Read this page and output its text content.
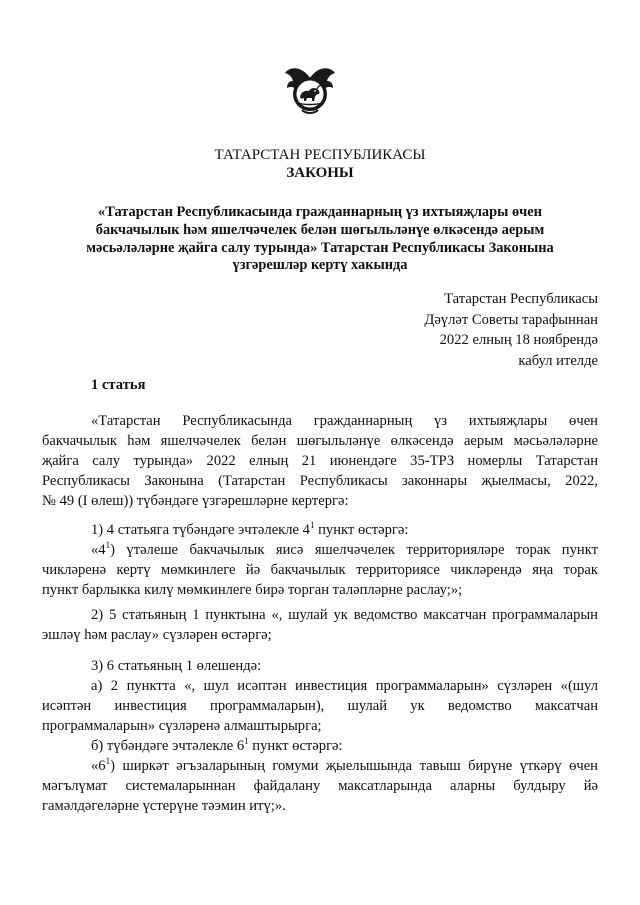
ТАТАРСТАН РЕСПУБЛИКАСЫ
ЗАКОНЫ
«Татарстан Республикасында гражданнарның үз ихтыяҗлары өчен
бакчачылык һәм яшелчәчелек белән шөгыльләнүе өлкәсендә аерым
мәсьәләләрне җайга салу турында» Татарстан Республикасы Законына
үзгәрешләр кертү хакында
Татарстан Республикасы
Дәүләт Советы тарафыннан
2022 елның 18 ноябрендә
кабул ителде
1 статья
«Татарстан Республикасында гражданнарның үз ихтыяҗлары өчен
бакчачылык һәм яшелчәчелек белән шөгыльләнүе өлкәсендә аерым мәсьәләләрне
җайга салу турында» 2022 елның 21 июнендәге 35-ТРЗ номерлы Татарстан
Республикасы Законына (Татарстан Республикасы законнары җыелмасы, 2022,
№ 49 (I өлеш)) түбәндәге үзгәрешләрне кертергә:
1) 4 статьяга түбәндәге эчтәлекле $4^1$ пункт өстәргә:
«$4^1$) үтәлеше бакчачылык яисә яшелчәчелек территорияләре торак пункт
чикләренә кертү мөмкинлеге йә бакчачылык территориясе чикләрендә яңа торак
пункт барлыкка килү мөмкинлеге бирә торган таләпләрне раслау;»;
2) 5 статьяның 1 пунктына «, шулай ук ведомство максатчан программаларын
эшләү һәм раслау» сүзләрен өстәргә;
3) 6 статьяның 1 өлешендә:
а) 2 пунктта «, шул исәптән инвестиция программаларын» сүзләрен «(шул
исәптән инвестиция программаларын), шулай ук ведомство максатчан
программаларын» сүзләренә алмаштырырга;
б) түбәндәге эчтәлекле $6^1$ пункт өстәргә:
«$6^1$) ширкәт әгъзаларының гомуми җыелышында тавыш бирүне үткәрү өчен
мәгълүмат системаларыннан файдалану максатларында аларны булдыру йә
гамәлдәгеләрне үстерүне тәэмин итү;».
